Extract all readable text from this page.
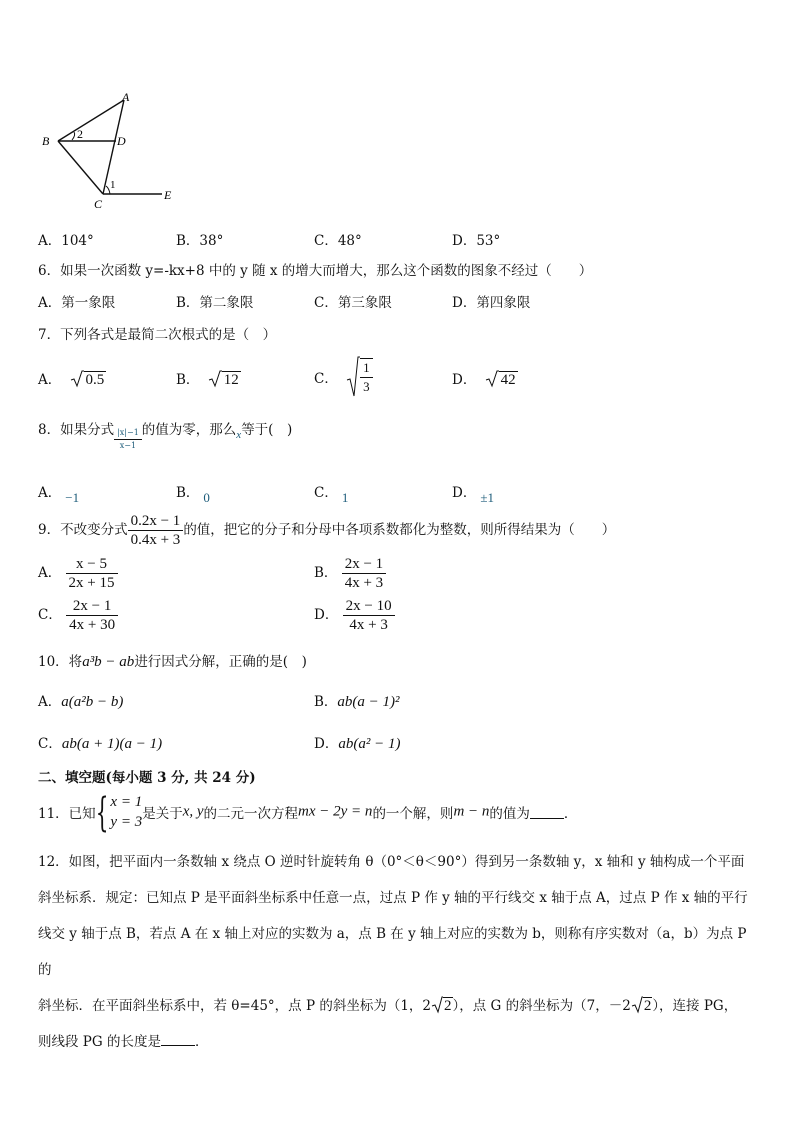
A
B	D
C
E
2
1
A．104°	B．38°	C．48°	D．53°
6．如果一次函数 y=-kx+8 中的 y 随 x 的增大而增大，那么这个函数的图象不经过（　　）
A．第一象限	B．第二象限	C．第三象限	D．第四象限
7．下列各式是最简二次根式的是（　）
A． 0.5	B． 12	C． $\frac{1}{3}$	D． 42
8．如果分式 $\frac{|x|-1}{x-1}$ 的值为零，那么$_x$等于(　)
A． −1	B． 0	C． 1	D． ±1
9．不改变分式 $\frac{0.2x - 1}{0.4x + 3}$ 的值，把它的分子和分母中各项系数都化为整数，则所得结果为（　　）
A． $\frac{x - 5}{2x + 15}$	B． $\frac{2x - 1}{4x + 3}$
C． $\frac{2x - 1}{4x + 30}$	D． $\frac{2x - 10}{4x + 3}$
10．将a³b − ab进行因式分解，正确的是(　)
A．a(a²b − b)	B．ab(a − 1)²
C．ab(a + 1)(a − 1)	D．ab(a² − 1)
二、填空题(每小题 3 分, 共 24 分)
11．已知{ x = 1
y = 3 是关于x, y的二元一次方程mx − 2y = n的一个解，则m − n的值为	．
12．如图，把平面内一条数轴 x 绕点 O 逆时针旋转角 θ（0°＜θ＜90°）得到另一条数轴 y，x 轴和 y 轴构成一个平面
斜坐标系．规定：已知点 P 是平面斜坐标系中任意一点，过点 P 作 y 轴的平行线交 x 轴于点 A，过点 P 作 x 轴的平行
线交 y 轴于点 B，若点 A 在 x 轴上对应的实数为 a，点 B 在 y 轴上对应的实数为 b，则称有序实数对（a，b）为点 P 的
斜坐标．在平面斜坐标系中，若 θ=45°，点 P 的斜坐标为（1，2 2），点 G 的斜坐标为（7，－2 2），连接 PG，
则线段 PG 的长度是	．
